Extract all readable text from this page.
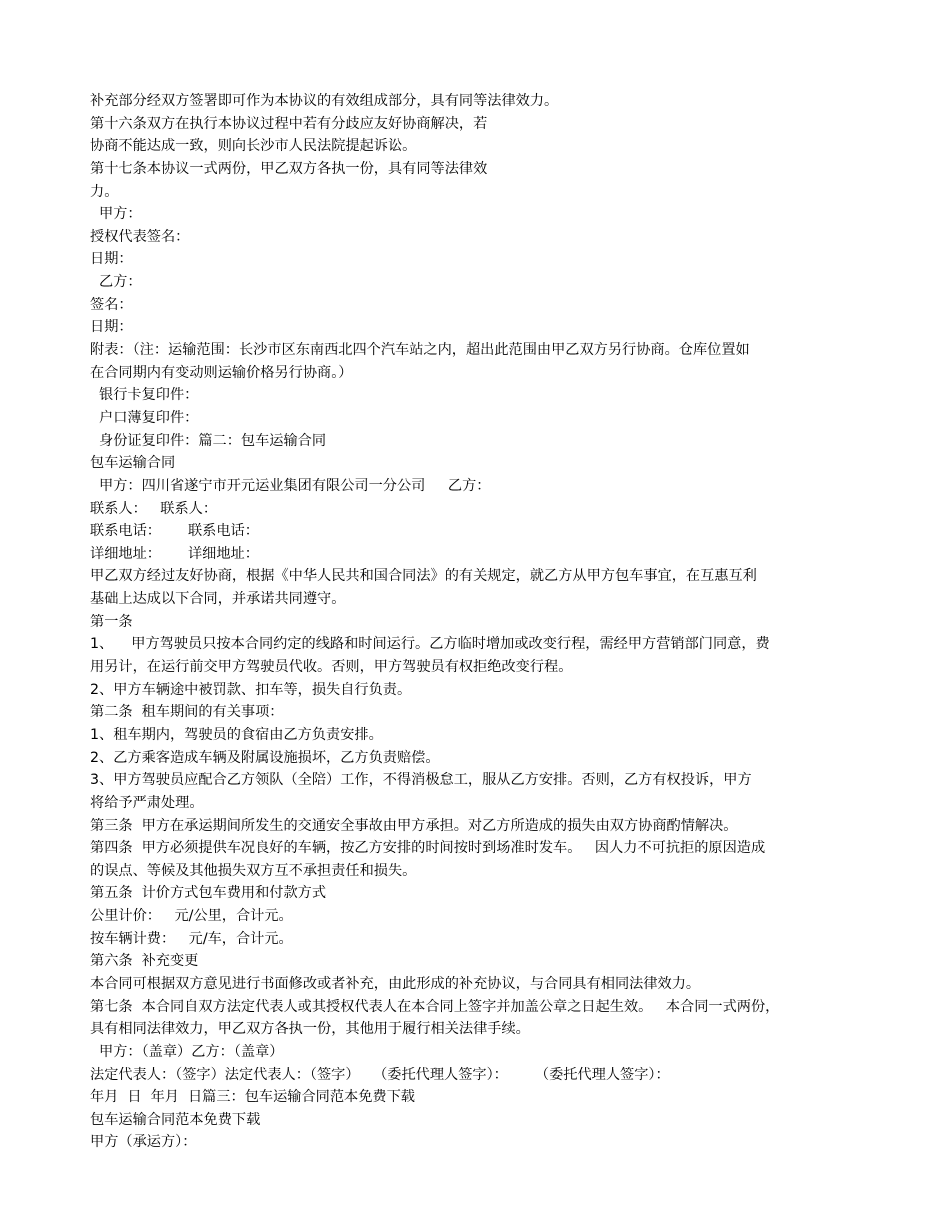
补充部分经双方签署即可作为本协议的有效组成部分，具有同等法律效力。
第十六条双方在执行本协议过程中若有分歧应友好协商解决，若
协商不能达成一致，则向长沙市人民法院提起诉讼。
第十七条本协议一式两份，甲乙双方各执一份，具有同等法律效
力。
甲方：
授权代表签名：
日期：
乙方：
签名：
日期：
附表：（注：运输范围：长沙市区东南西北四个汽车站之内，超出此范围由甲乙双方另行协商。仓库位置如
在合同期内有变动则运输价格另行协商。）
银行卡复印件：
户口薄复印件：
身份证复印件：篇二：包车运输合同
包车运输合同
甲方：四川省遂宁市开元运业集团有限公司一分公司     乙方：
联系人：   联系人：
联系电话：      联系电话：
详细地址：      详细地址：
甲乙双方经过友好协商，根据《中华人民共和国合同法》的有关规定，就乙方从甲方包车事宜，在互惠互利
基础上达成以下合同，并承诺共同遵守。
第一条
1、    甲方驾驶员只按本合同约定的线路和时间运行。乙方临时增加或改变行程，需经甲方营销部门同意，费
用另计，在运行前交甲方驾驶员代收。否则，甲方驾驶员有权拒绝改变行程。
2、甲方车辆途中被罚款、扣车等，损失自行负责。
第二条  租车期间的有关事项：
1、租车期内，驾驶员的食宿由乙方负责安排。
2、乙方乘客造成车辆及附属设施损坏，乙方负责赔偿。
3、甲方驾驶员应配合乙方领队（全陪）工作，不得消极怠工，服从乙方安排。否则，乙方有权投诉，甲方
将给予严肃处理。
第三条  甲方在承运期间所发生的交通安全事故由甲方承担。对乙方所造成的损失由双方协商酌情解决。
第四条  甲方必须提供车况良好的车辆，按乙方安排的时间按时到场准时发车。   因人力不可抗拒的原因造成
的误点、等候及其他损失双方互不承担责任和损失。
第五条  计价方式包车费用和付款方式
公里计价：   元/公里，合计元。
按车辆计费：   元/车，合计元。
第六条  补充变更
本合同可根据双方意见进行书面修改或者补充，由此形成的补充协议，与合同具有相同法律效力。
第七条  本合同自双方法定代表人或其授权代表人在本合同上签字并加盖公章之日起生效。   本合同一式两份，
具有相同法律效力，甲乙双方各执一份，其他用于履行相关法律手续。
甲方：（盖章）乙方：（盖章）
法定代表人：（签字）法定代表人：（签字）   （委托代理人签字）：      （委托代理人签字）：
年月  日  年月  日篇三：包车运输合同范本免费下载
包车运输合同范本免费下载
甲方（承运方）：
